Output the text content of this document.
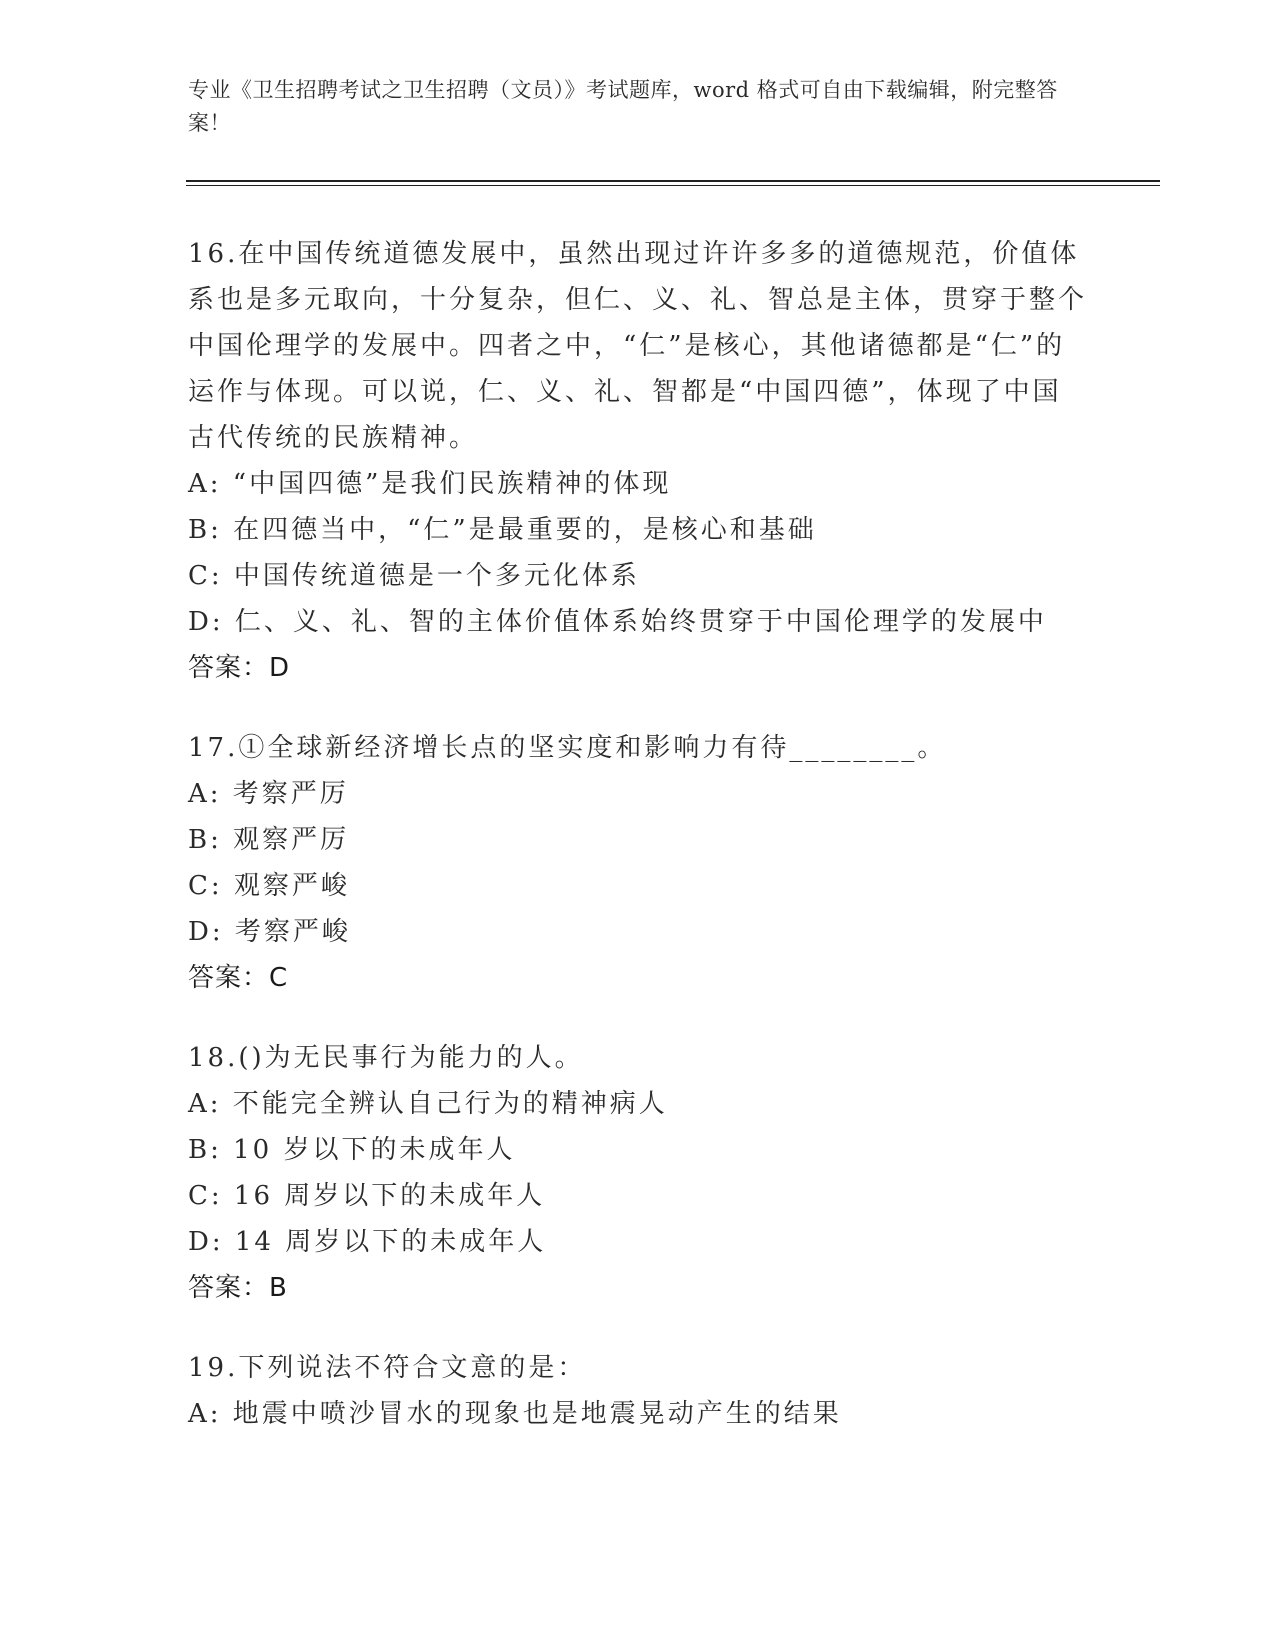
专业《卫生招聘考试之卫生招聘（文员）》考试题库，word 格式可自由下载编辑，附完整答案！

16.在中国传统道德发展中，虽然出现过许许多多的道德规范，价值体系也是多元取向，十分复杂，但仁、义、礼、智总是主体，贯穿于整个中国伦理学的发展中。四者之中，“仁”是核心，其他诸德都是“仁”的运作与体现。可以说，仁、义、礼、智都是“中国四德”，体现了中国古代传统的民族精神。

A: “中国四德”是我们民族精神的体现

B: 在四德当中，“仁”是最重要的，是核心和基础

C: 中国传统道德是一个多元化体系

D: 仁、义、礼、智的主体价值体系始终贯穿于中国伦理学的发展中

答案：D

17.①全球新经济增长点的坚实度和影响力有待________。

A: 考察严厉

B: 观察严厉

C: 观察严峻

D: 考察严峻

答案：C

18.()为无民事行为能力的人。

A: 不能完全辨认自己行为的精神病人

B: 10 岁以下的未成年人

C: 16 周岁以下的未成年人

D: 14 周岁以下的未成年人

答案：B

19.下列说法不符合文意的是：

A: 地震中喷沙冒水的现象也是地震晃动产生的结果
